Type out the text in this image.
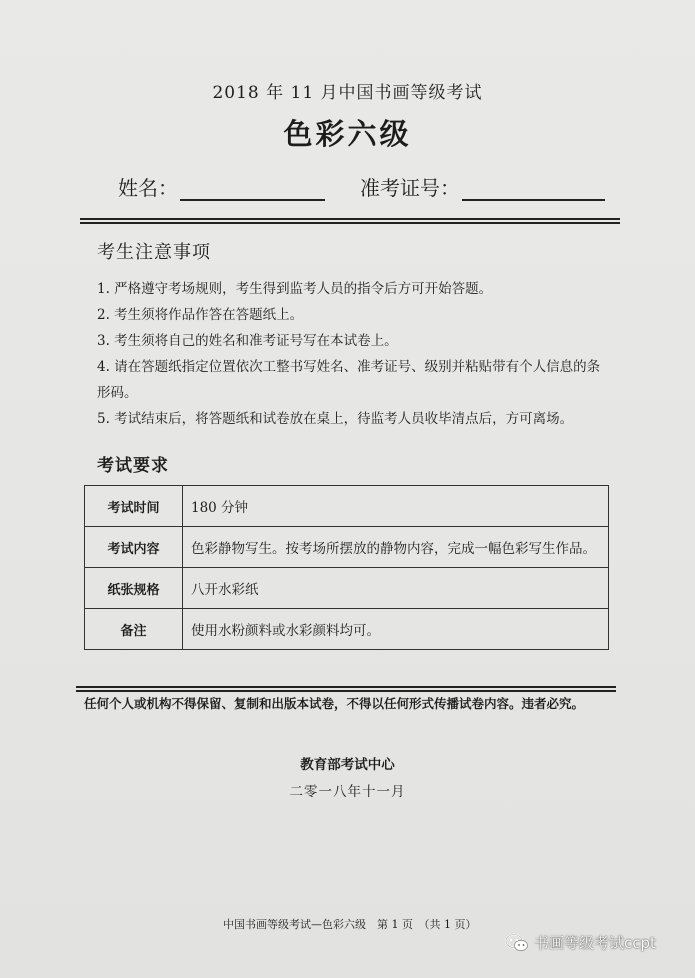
2018 年 11 月中国书画等级考试
色彩六级
姓名：	准考证号：
考生注意事项
1. 严格遵守考场规则，考生得到监考人员的指令后方可开始答题。
2. 考生须将作品作答在答题纸上。
3. 考生须将自己的姓名和准考证号写在本试卷上。
4. 请在答题纸指定位置依次工整书写姓名、准考证号、级别并粘贴带有个人信息的条形码。
5. 考试结束后，将答题纸和试卷放在桌上，待监考人员收毕清点后，方可离场。
考试要求
考试时间	180 分钟
考试内容	色彩静物写生。按考场所摆放的静物内容，完成一幅色彩写生作品。
纸张规格	八开水彩纸
备注	使用水粉颜料或水彩颜料均可。
任何个人或机构不得保留、复制和出版本试卷，不得以任何形式传播试卷内容。违者必究。
教育部考试中心
二零一八年十一月
中国书画等级考试—色彩六级　第 1 页　（共 1 页）
书画等级考试ccpt
